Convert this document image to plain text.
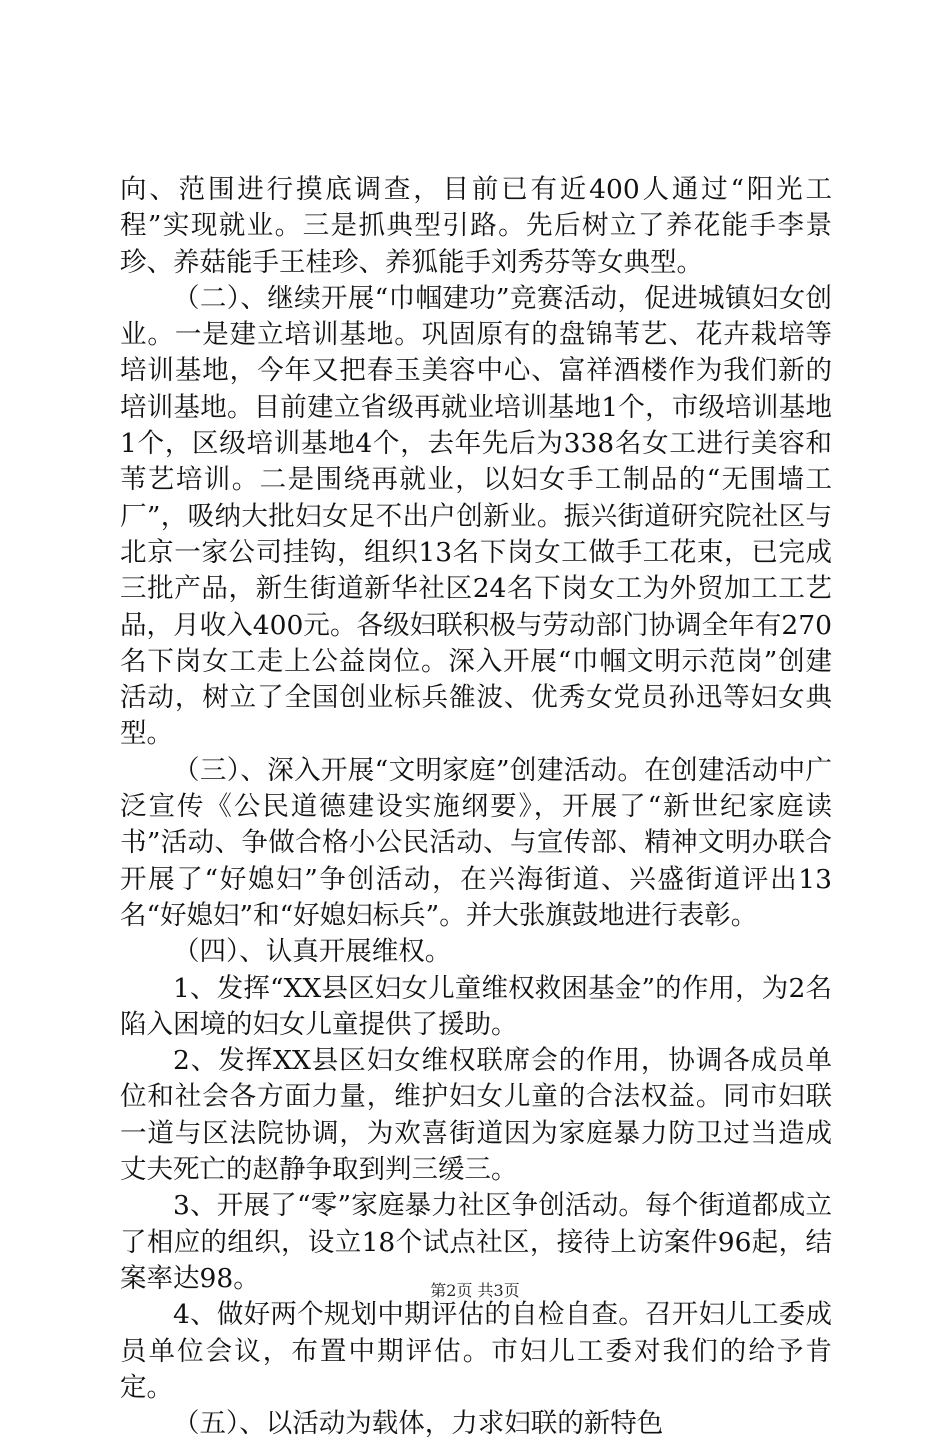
向、范围进行摸底调查，目前已有近400人通过“阳光工程”实现就业。三是抓典型引路。先后树立了养花能手李景珍、养菇能手王桂珍、养狐能手刘秀芬等女典型。

（二）、继续开展“巾帼建功”竞赛活动，促进城镇妇女创业。一是建立培训基地。巩固原有的盘锦苇艺、花卉栽培等培训基地，今年又把春玉美容中心、富祥酒楼作为我们新的培训基地。目前建立省级再就业培训基地1个，市级培训基地1个，区级培训基地4个，去年先后为338名女工进行美容和苇艺培训。二是围绕再就业，以妇女手工制品的“无围墙工厂”，吸纳大批妇女足不出户创新业。振兴街道研究院社区与北京一家公司挂钩，组织13名下岗女工做手工花束，已完成三批产品，新生街道新华社区24名下岗女工为外贸加工工艺品，月收入400元。各级妇联积极与劳动部门协调全年有270名下岗女工走上公益岗位。深入开展“巾帼文明示范岗”创建活动，树立了全国创业标兵雒波、优秀女党员孙迅等妇女典型。

（三）、深入开展“文明家庭”创建活动。在创建活动中广泛宣传《公民道德建设实施纲要》，开展了“新世纪家庭读书”活动、争做合格小公民活动、与宣传部、精神文明办联合开展了“好媳妇”争创活动，在兴海街道、兴盛街道评出13名“好媳妇”和“好媳妇标兵”。并大张旗鼓地进行表彰。

（四）、认真开展维权。

1、发挥“XX县区妇女儿童维权救困基金”的作用，为2名陷入困境的妇女儿童提供了援助。

2、发挥XX县区妇女维权联席会的作用，协调各成员单位和社会各方面力量，维护妇女儿童的合法权益。同市妇联一道与区法院协调，为欢喜街道因为家庭暴力防卫过当造成丈夫死亡的赵静争取到判三缓三。

3、开展了“零”家庭暴力社区争创活动。每个街道都成立了相应的组织，设立18个试点社区，接待上访案件96起，结案率达98。

4、做好两个规划中期评估的自检自查。召开妇儿工委成员单位会议，布置中期评估。市妇儿工委对我们的给予肯定。

（五）、以活动为载体，力求妇联的新特色

第2页 共3页
